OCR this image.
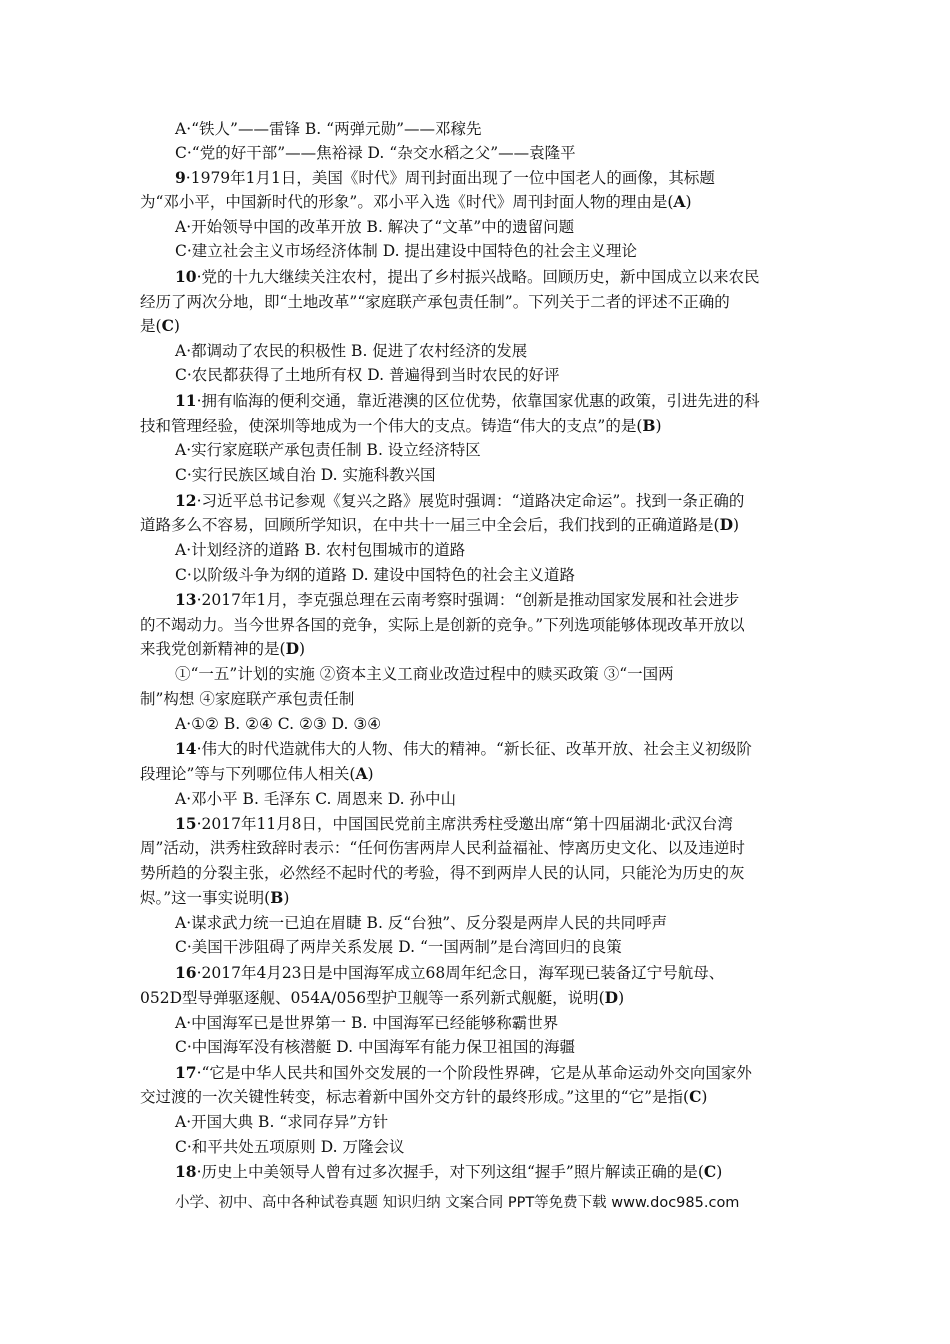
A·“铁人”——雷锋 B. “两弹元勋”——邓稼先
C·“党的好干部”——焦裕禄 D. “杂交水稻之父”——袁隆平
9·1979年1月1日，美国《时代》周刊封面出现了一位中国老人的画像，其标题
为“邓小平，中国新时代的形象”。邓小平入选《时代》周刊封面人物的理由是(A)
A·开始领导中国的改革开放 B. 解决了“文革”中的遗留问题
C·建立社会主义市场经济体制 D. 提出建设中国特色的社会主义理论
10·党的十九大继续关注农村，提出了乡村振兴战略。回顾历史，新中国成立以来农民
经历了两次分地，即“土地改革”“家庭联产承包责任制”。下列关于二者的评述不正确的
是(C)
A·都调动了农民的积极性 B. 促进了农村经济的发展
C·农民都获得了土地所有权 D. 普遍得到当时农民的好评
11·拥有临海的便利交通，靠近港澳的区位优势，依靠国家优惠的政策，引进先进的科
技和管理经验，使深圳等地成为一个伟大的支点。铸造“伟大的支点”的是(B)
A·实行家庭联产承包责任制 B. 设立经济特区
C·实行民族区域自治 D. 实施科教兴国
12·习近平总书记参观《复兴之路》展览时强调：“道路决定命运”。找到一条正确的
道路多么不容易，回顾所学知识，在中共十一届三中全会后，我们找到的正确道路是(D)
A·计划经济的道路 B. 农村包围城市的道路
C·以阶级斗争为纲的道路 D. 建设中国特色的社会主义道路
13·2017年1月，李克强总理在云南考察时强调：“创新是推动国家发展和社会进步
的不竭动力。当今世界各国的竞争，实际上是创新的竞争。”下列选项能够体现改革开放以
来我党创新精神的是(D)
①“一五”计划的实施 ②资本主义工商业改造过程中的赎买政策 ③“一国两
制”构想 ④家庭联产承包责任制
A·①② B. ②④ C. ②③ D. ③④
14·伟大的时代造就伟大的人物、伟大的精神。“新长征、改革开放、社会主义初级阶
段理论”等与下列哪位伟人相关(A)
A·邓小平 B. 毛泽东 C. 周恩来 D. 孙中山
15·2017年11月8日，中国国民党前主席洪秀柱受邀出席“第十四届湖北·武汉台湾
周”活动，洪秀柱致辞时表示：“任何伤害两岸人民利益福祉、悖离历史文化、以及违逆时
势所趋的分裂主张，必然经不起时代的考验，得不到两岸人民的认同，只能沦为历史的灰
烬。”这一事实说明(B)
A·谋求武力统一已迫在眉睫 B. 反“台独”、反分裂是两岸人民的共同呼声
C·美国干涉阻碍了两岸关系发展 D. “一国两制”是台湾回归的良策
16·2017年4月23日是中国海军成立68周年纪念日，海军现已装备辽宁号航母、
052D型导弹驱逐舰、054A/056型护卫舰等一系列新式舰艇，说明(D)
A·中国海军已是世界第一 B. 中国海军已经能够称霸世界
C·中国海军没有核潜艇 D. 中国海军有能力保卫祖国的海疆
17·“它是中华人民共和国外交发展的一个阶段性界碑，它是从革命运动外交向国家外
交过渡的一次关键性转变，标志着新中国外交方针的最终形成。”这里的“它”是指(C)
A·开国大典 B. “求同存异”方针
C·和平共处五项原则 D. 万隆会议
18·历史上中美领导人曾有过多次握手，对下列这组“握手”照片解读正确的是(C)
小学、初中、高中各种试卷真题 知识归纳 文案合同 PPT等免费下载 www.doc985.com
